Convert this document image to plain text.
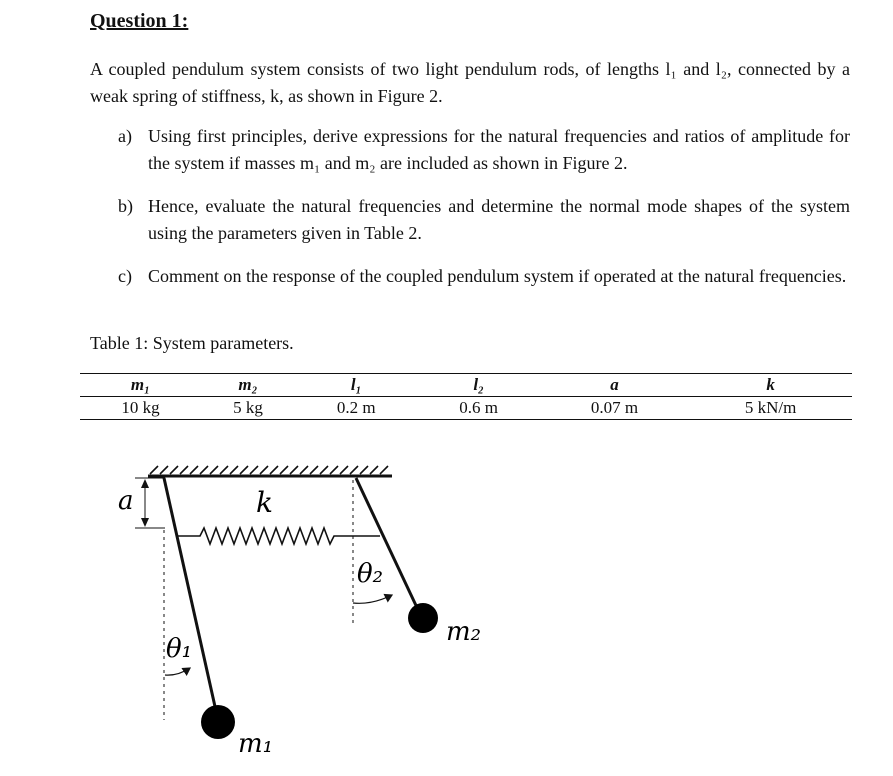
Question 1:
A coupled pendulum system consists of two light pendulum rods, of lengths l₁ and l₂, connected by a weak spring of stiffness, k, as shown in Figure 2.
a) Using first principles, derive expressions for the natural frequencies and ratios of amplitude for the system if masses m₁ and m₂ are included as shown in Figure 2.
b) Hence, evaluate the natural frequencies and determine the normal mode shapes of the system using the parameters given in Table 2.
c) Comment on the response of the coupled pendulum system if operated at the natural frequencies.
Table 1: System parameters.
m₁	m₂	l₁	l₂	a	k
10 kg	5 kg	0.2 m	0.6 m	0.07 m	5 kN/m
a	k
θ₁
θ₂
m₁
m₂
